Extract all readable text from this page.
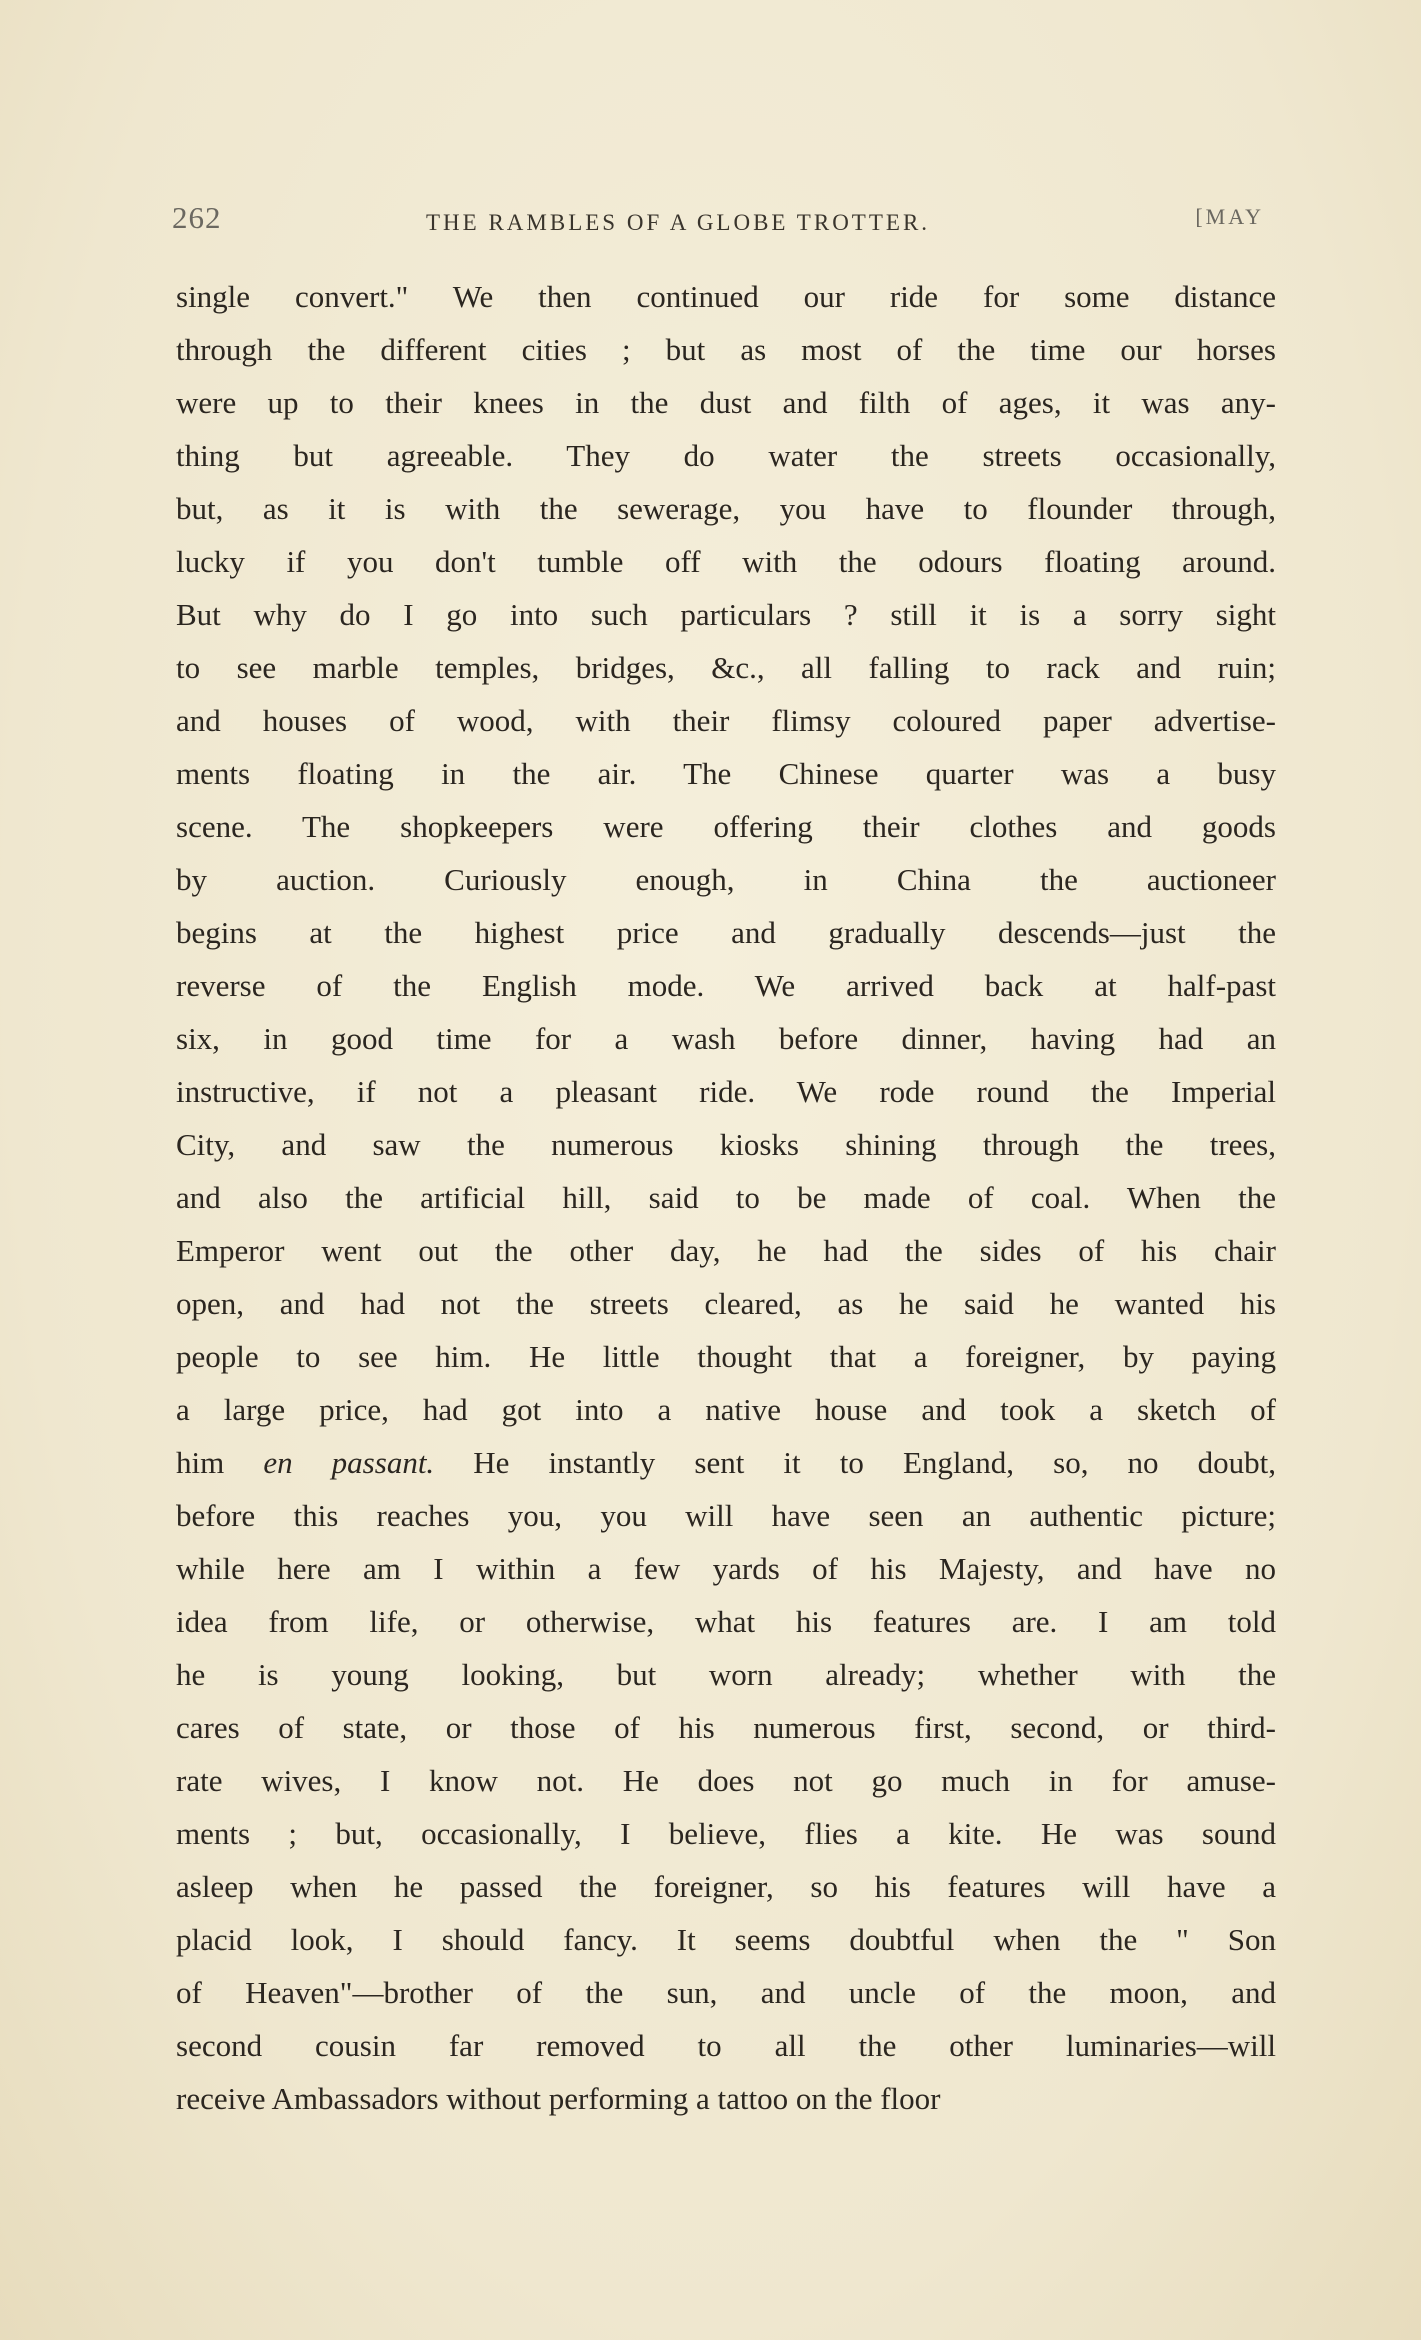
262	THE RAMBLES OF A GLOBE TROTTER.	[MAY
single convert." We then continued our ride for some distance
through the different cities ; but as most of the time our horses
were up to their knees in the dust and filth of ages, it was any-
thing but agreeable. They do water the streets occasionally,
but, as it is with the sewerage, you have to flounder through,
lucky if you don't tumble off with the odours floating around.
But why do I go into such particulars ? still it is a sorry sight
to see marble temples, bridges, &c., all falling to rack and ruin;
and houses of wood, with their flimsy coloured paper advertise-
ments floating in the air. The Chinese quarter was a busy
scene. The shopkeepers were offering their clothes and goods
by auction. Curiously enough, in China the auctioneer
begins at the highest price and gradually descends—just the
reverse of the English mode. We arrived back at half-past
six, in good time for a wash before dinner, having had an
instructive, if not a pleasant ride. We rode round the Imperial
City, and saw the numerous kiosks shining through the trees,
and also the artificial hill, said to be made of coal. When the
Emperor went out the other day, he had the sides of his chair
open, and had not the streets cleared, as he said he wanted his
people to see him. He little thought that a foreigner, by paying
a large price, had got into a native house and took a sketch of
him en passant. He instantly sent it to England, so, no doubt,
before this reaches you, you will have seen an authentic picture;
while here am I within a few yards of his Majesty, and have no
idea from life, or otherwise, what his features are. I am told
he is young looking, but worn already; whether with the
cares of state, or those of his numerous first, second, or third-
rate wives, I know not. He does not go much in for amuse-
ments ; but, occasionally, I believe, flies a kite. He was sound
asleep when he passed the foreigner, so his features will have a
placid look, I should fancy. It seems doubtful when the " Son
of Heaven"—brother of the sun, and uncle of the moon, and
second cousin far removed to all the other luminaries—will
receive Ambassadors without performing a tattoo on the floor
